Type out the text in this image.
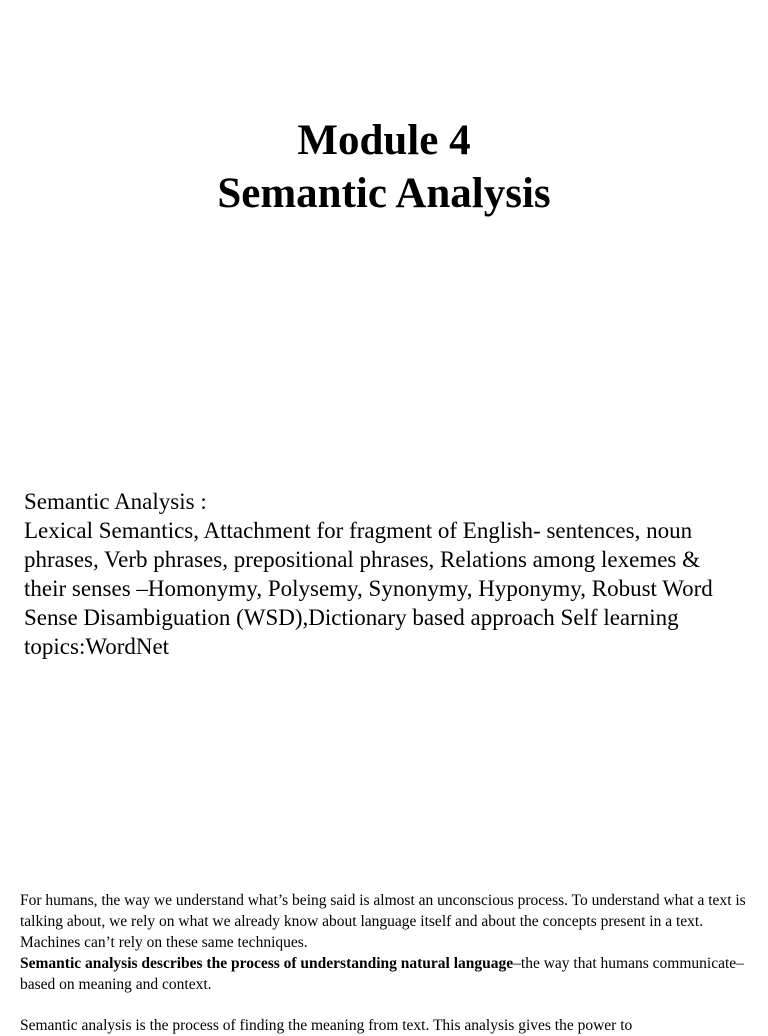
Module 4
Semantic Analysis
Semantic Analysis :
Lexical Semantics, Attachment for fragment of English- sentences, noun phrases, Verb phrases, prepositional phrases, Relations among lexemes & their senses –Homonymy, Polysemy, Synonymy, Hyponymy, Robust Word Sense Disambiguation (WSD),Dictionary based approach Self learning topics:WordNet

For humans, the way we understand what’s being said is almost an unconscious process. To understand what a text is talking about, we rely on what we already know about language itself and about the concepts present in a text. Machines can’t rely on these same techniques.

Semantic analysis describes the process of understanding natural language–the way that humans communicate–based on meaning and context.

Semantic analysis is the process of finding the meaning from text. This analysis gives the power to
